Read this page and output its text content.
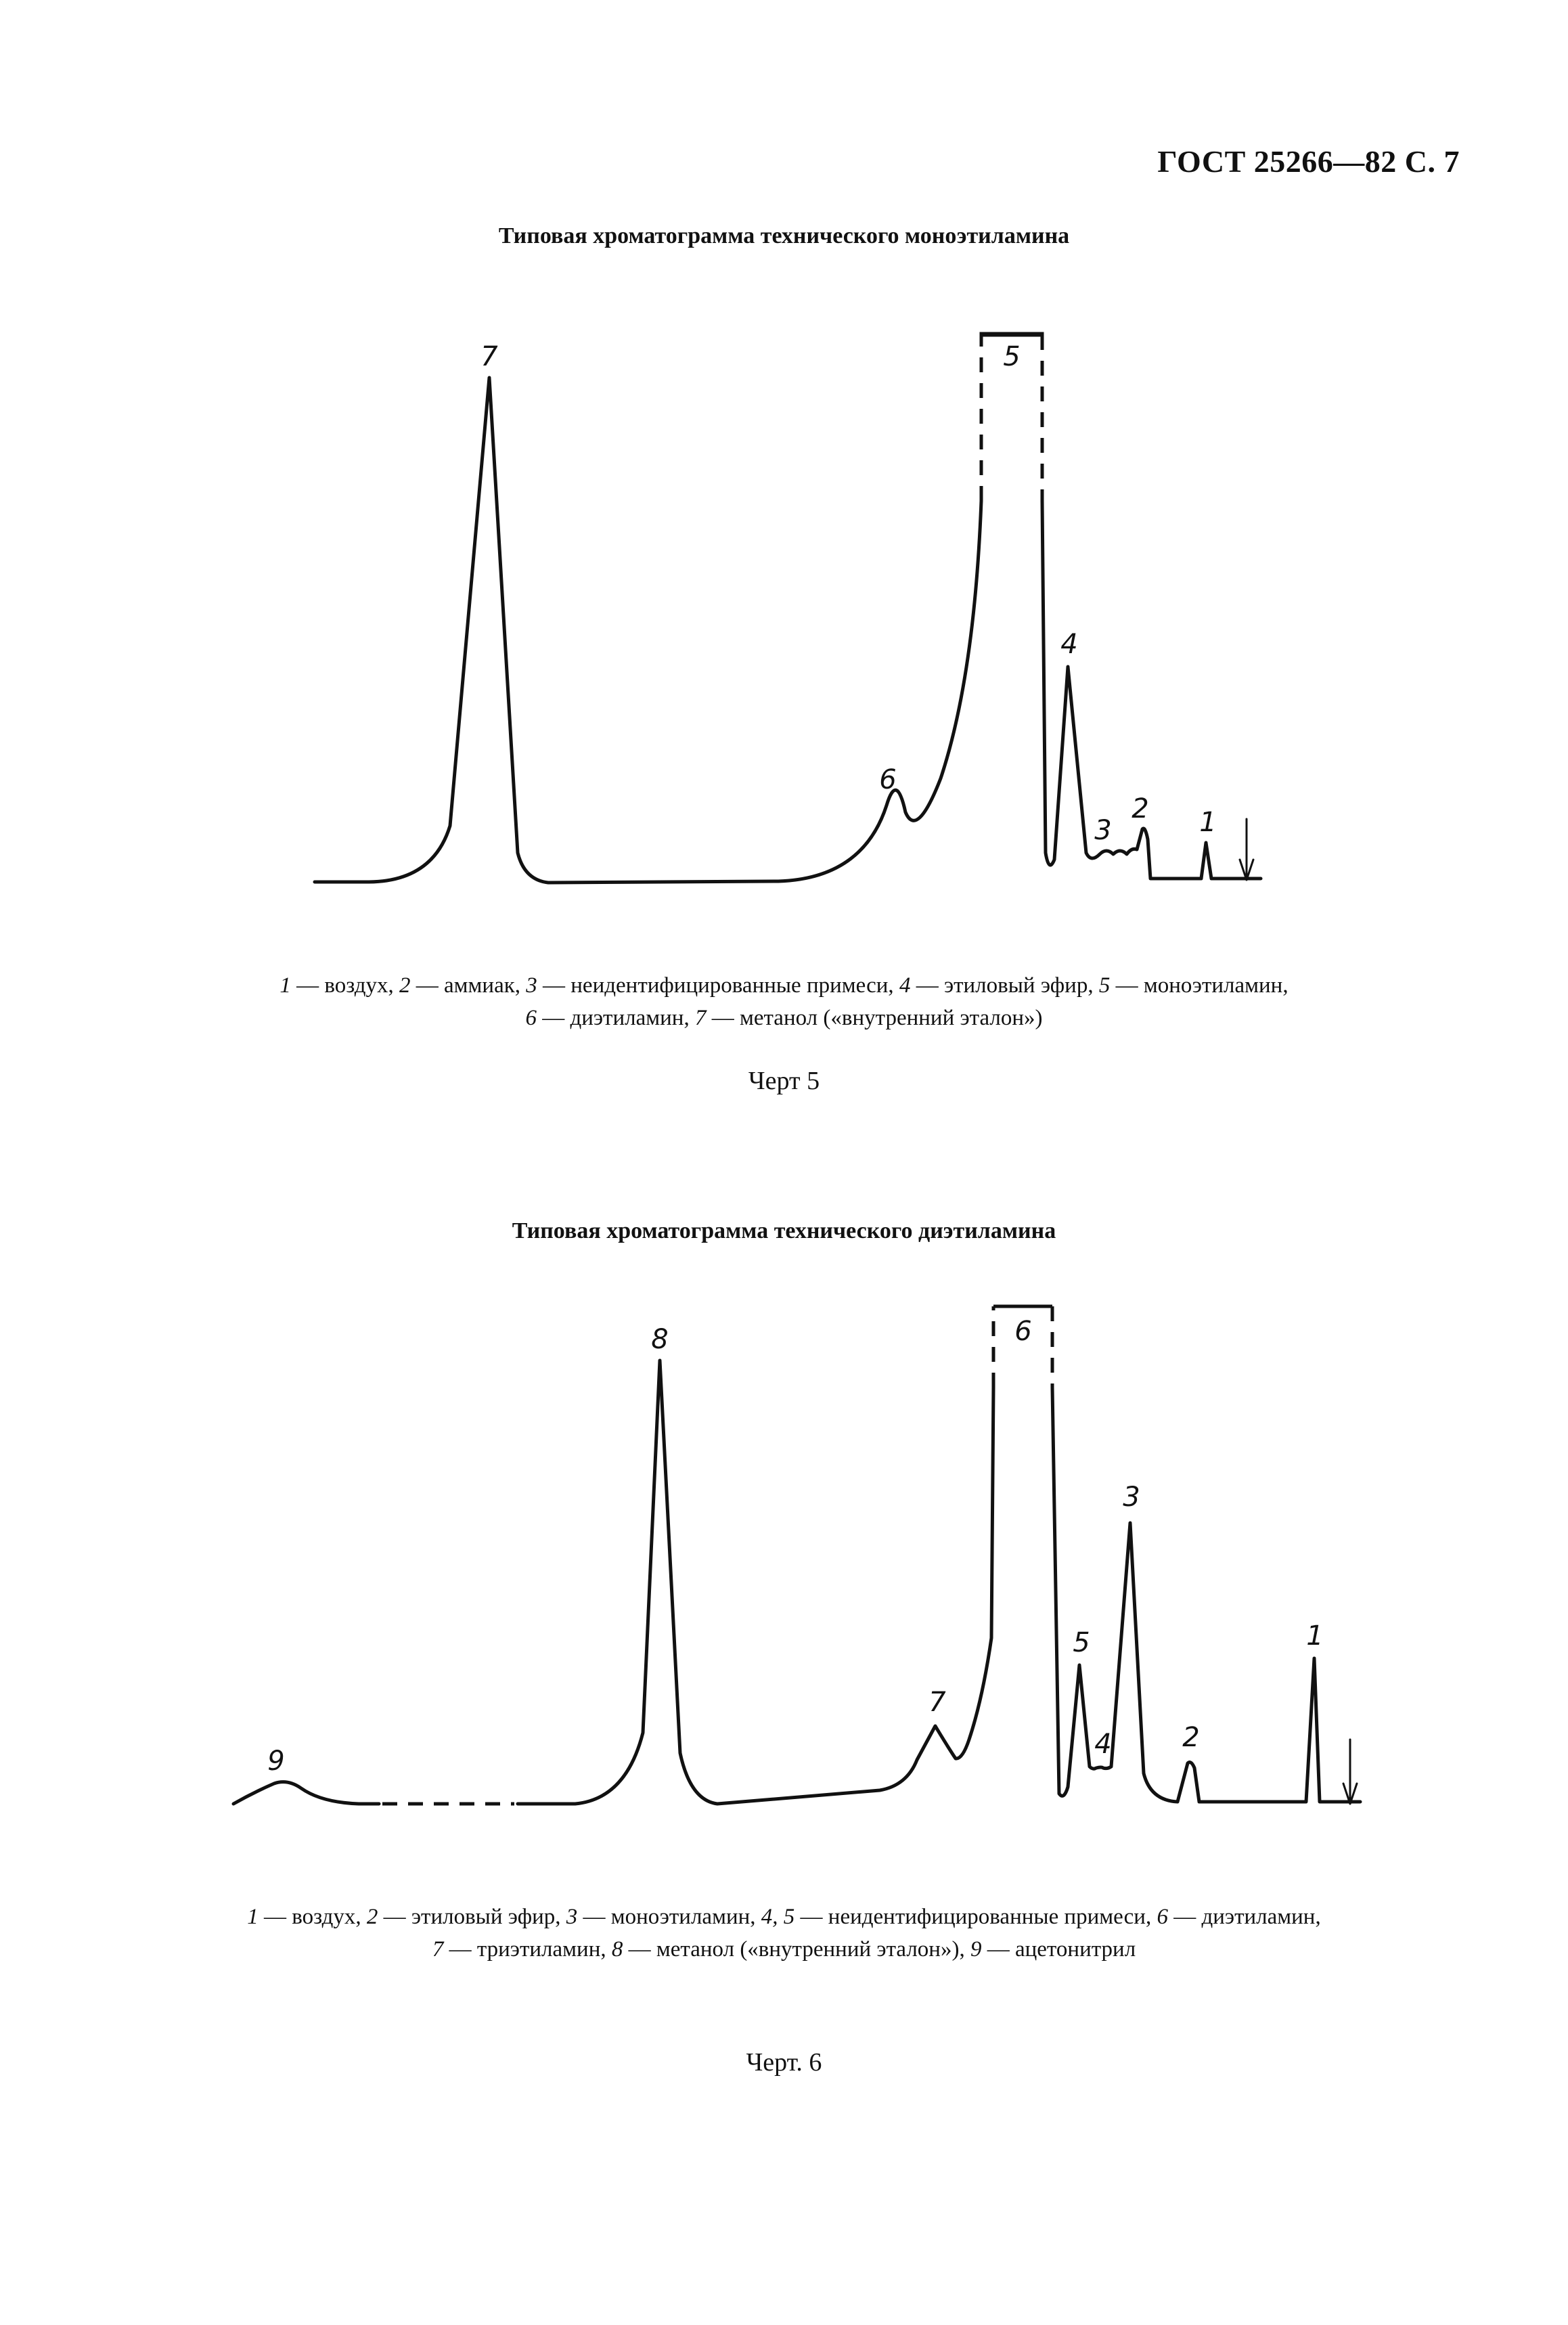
ГОСТ 25266—82 С. 7
Типовая хроматограмма технического моноэтиламина
7
6
5
4
3
2 1
1 — воздух, 2 — аммиак, 3 — неидентифицированные примеси, 4 — этиловый эфир, 5 — моноэтиламин,
6 — диэтиламин, 7 — метанол («внутренний эталон»)
Черт 5
Типовая хроматограмма технического диэтиламина
9
8
7
6
5
4
3
2
1
1 — воздух, 2 — этиловый эфир, 3 — моноэтиламин, 4, 5 — неидентифицированные примеси, 6 — диэтиламин,
7 — триэтиламин, 8 — метанол («внутренний эталон»), 9 — ацетонитрил
Черт. 6
